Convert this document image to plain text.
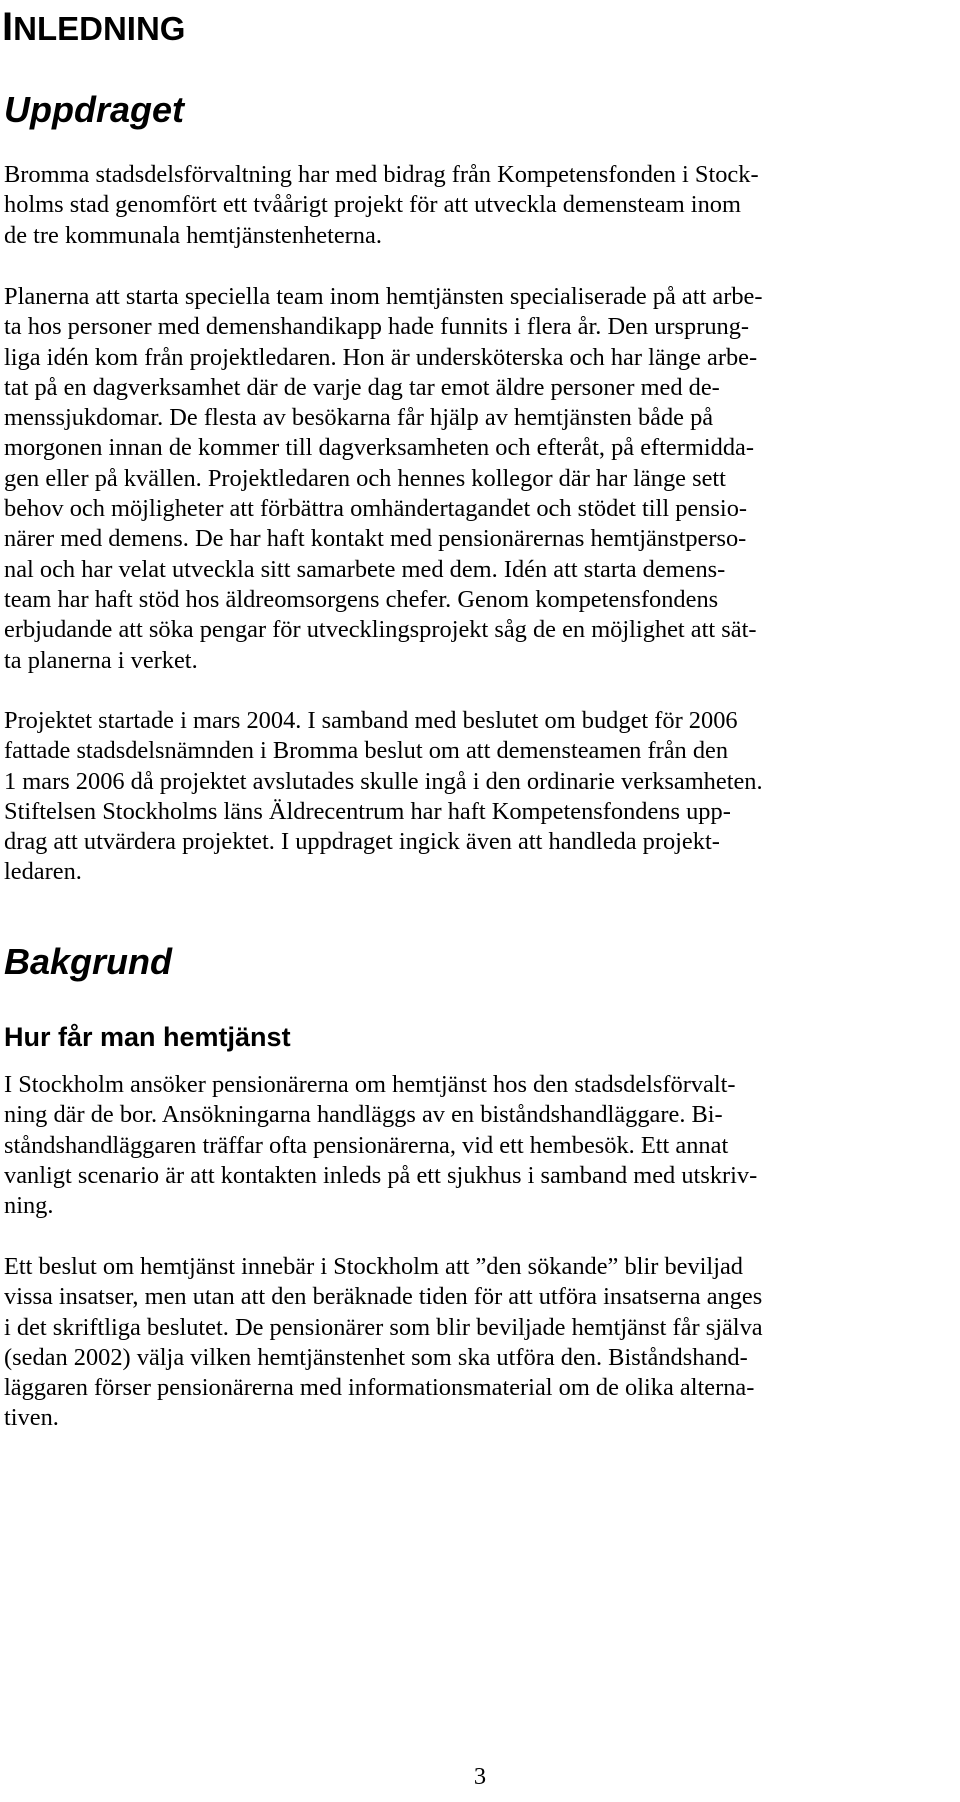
INLEDNING
Uppdraget

Bromma stadsdelsförvaltning har med bidrag från Kompetensfonden i Stock-
holms stad genomfört ett tvåårigt projekt för att utveckla demensteam inom
de tre kommunala hemtjänstenheterna.

Planerna att starta speciella team inom hemtjänsten specialiserade på att arbe-
ta hos personer med demenshandikapp hade funnits i flera år. Den ursprung-
liga idén kom från projektledaren. Hon är undersköterska och har länge arbe-
tat på en dagverksamhet där de varje dag tar emot äldre personer med de-
menssjukdomar. De flesta av besökarna får hjälp av hemtjänsten både på
morgonen innan de kommer till dagverksamheten och efteråt, på eftermidda-
gen eller på kvällen. Projektledaren och hennes kollegor där har länge sett
behov och möjligheter att förbättra omhändertagandet och stödet till pensio-
närer med demens. De har haft kontakt med pensionärernas hemtjänstperso-
nal och har velat utveckla sitt samarbete med dem. Idén att starta demens-
team har haft stöd hos äldreomsorgens chefer. Genom kompetensfondens
erbjudande att söka pengar för utvecklingsprojekt såg de en möjlighet att sät-
ta planerna i verket.

Projektet startade i mars 2004. I samband med beslutet om budget för 2006
fattade stadsdelsnämnden i Bromma beslut om att demensteamen från den
1 mars 2006 då projektet avslutades skulle ingå i den ordinarie verksamheten.
Stiftelsen Stockholms läns Äldrecentrum har haft Kompetensfondens upp-
drag att utvärdera projektet. I uppdraget ingick även att handleda projekt-
ledaren.

Bakgrund
Hur får man hemtjänst

I Stockholm ansöker pensionärerna om hemtjänst hos den stadsdelsförvalt-
ning där de bor. Ansökningarna handläggs av en biståndshandläggare. Bi-
ståndshandläggaren träffar ofta pensionärerna, vid ett hembesök. Ett annat
vanligt scenario är att kontakten inleds på ett sjukhus i samband med utskriv-
ning.

Ett beslut om hemtjänst innebär i Stockholm att ”den sökande” blir beviljad
vissa insatser, men utan att den beräknade tiden för att utföra insatserna anges
i det skriftliga beslutet. De pensionärer som blir beviljade hemtjänst får själva
(sedan 2002) välja vilken hemtjänstenhet som ska utföra den. Biståndshand-
läggaren förser pensionärerna med informationsmaterial om de olika alterna-
tiven.

3
